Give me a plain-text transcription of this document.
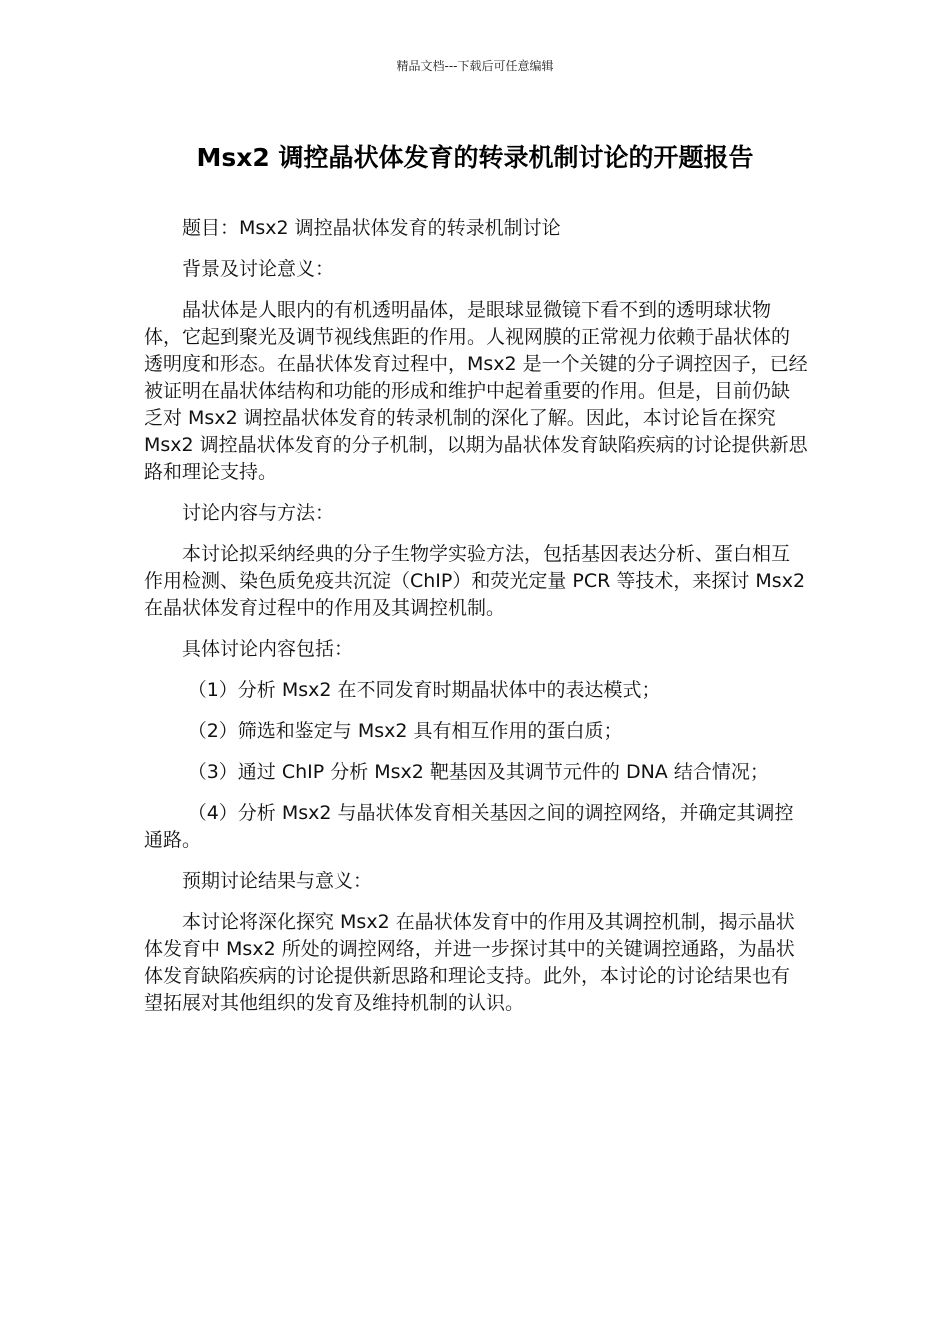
精品文档---下载后可任意编辑
Msx2 调控晶状体发育的转录机制讨论的开题报告

题目：Msx2 调控晶状体发育的转录机制讨论

背景及讨论意义：

晶状体是人眼内的有机透明晶体，是眼球显微镜下看不到的透明球状物体，它起到聚光及调节视线焦距的作用。人视网膜的正常视力依赖于晶状体的透明度和形态。在晶状体发育过程中，Msx2 是一个关键的分子调控因子，已经被证明在晶状体结构和功能的形成和维护中起着重要的作用。但是，目前仍缺乏对 Msx2 调控晶状体发育的转录机制的深化了解。因此，本讨论旨在探究 Msx2 调控晶状体发育的分子机制，以期为晶状体发育缺陷疾病的讨论提供新思路和理论支持。

讨论内容与方法：

本讨论拟采纳经典的分子生物学实验方法，包括基因表达分析、蛋白相互作用检测、染色质免疫共沉淀（ChIP）和荧光定量 PCR 等技术，来探讨 Msx2 在晶状体发育过程中的作用及其调控机制。

具体讨论内容包括：

（1）分析 Msx2 在不同发育时期晶状体中的表达模式；

（2）筛选和鉴定与 Msx2 具有相互作用的蛋白质；

（3）通过 ChIP 分析 Msx2 靶基因及其调节元件的 DNA 结合情况；

（4）分析 Msx2 与晶状体发育相关基因之间的调控网络，并确定其调控通路。

预期讨论结果与意义：

本讨论将深化探究 Msx2 在晶状体发育中的作用及其调控机制，揭示晶状体发育中 Msx2 所处的调控网络，并进一步探讨其中的关键调控通路，为晶状体发育缺陷疾病的讨论提供新思路和理论支持。此外，本讨论的讨论结果也有望拓展对其他组织的发育及维持机制的认识。
